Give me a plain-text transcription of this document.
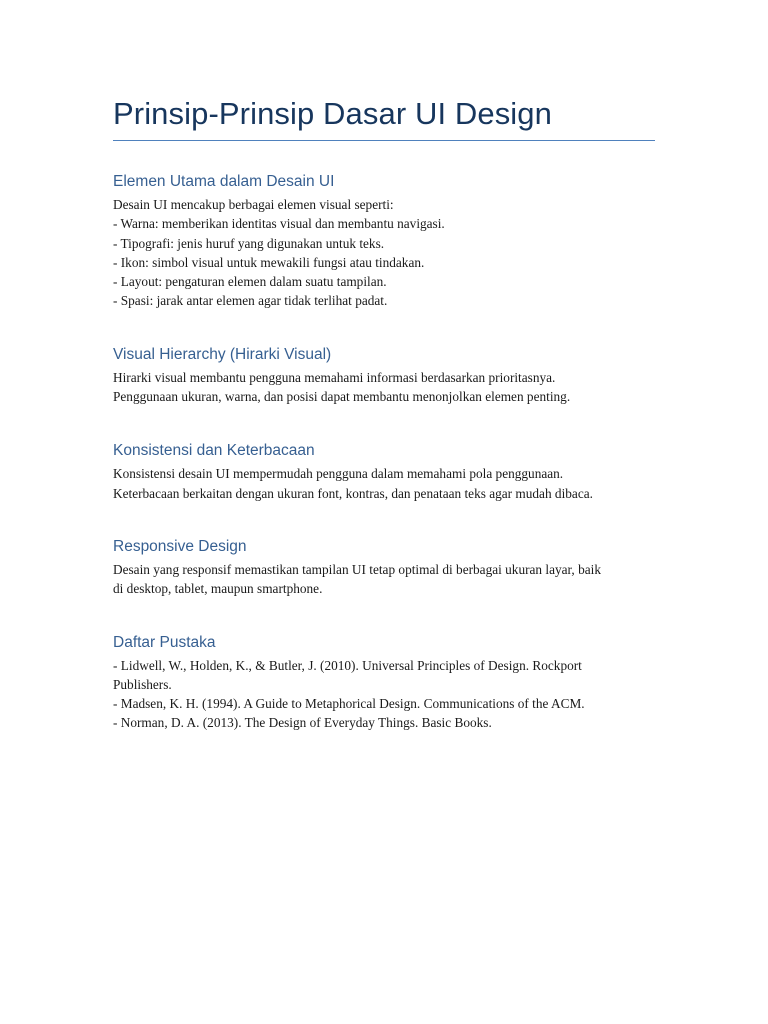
Prinsip-Prinsip Dasar UI Design
Elemen Utama dalam Desain UI

Desain UI mencakup berbagai elemen visual seperti:
- Warna: memberikan identitas visual dan membantu navigasi.
- Tipografi: jenis huruf yang digunakan untuk teks.
- Ikon: simbol visual untuk mewakili fungsi atau tindakan.
- Layout: pengaturan elemen dalam suatu tampilan.
- Spasi: jarak antar elemen agar tidak terlihat padat.

Visual Hierarchy (Hirarki Visual)

Hirarki visual membantu pengguna memahami informasi berdasarkan prioritasnya.
Penggunaan ukuran, warna, dan posisi dapat membantu menonjolkan elemen penting.

Konsistensi dan Keterbacaan

Konsistensi desain UI mempermudah pengguna dalam memahami pola penggunaan.
Keterbacaan berkaitan dengan ukuran font, kontras, dan penataan teks agar mudah dibaca.

Responsive Design

Desain yang responsif memastikan tampilan UI tetap optimal di berbagai ukuran layar, baik
di desktop, tablet, maupun smartphone.

Daftar Pustaka

- Lidwell, W., Holden, K., & Butler, J. (2010). Universal Principles of Design. Rockport
Publishers.
- Madsen, K. H. (1994). A Guide to Metaphorical Design. Communications of the ACM.
- Norman, D. A. (2013). The Design of Everyday Things. Basic Books.
